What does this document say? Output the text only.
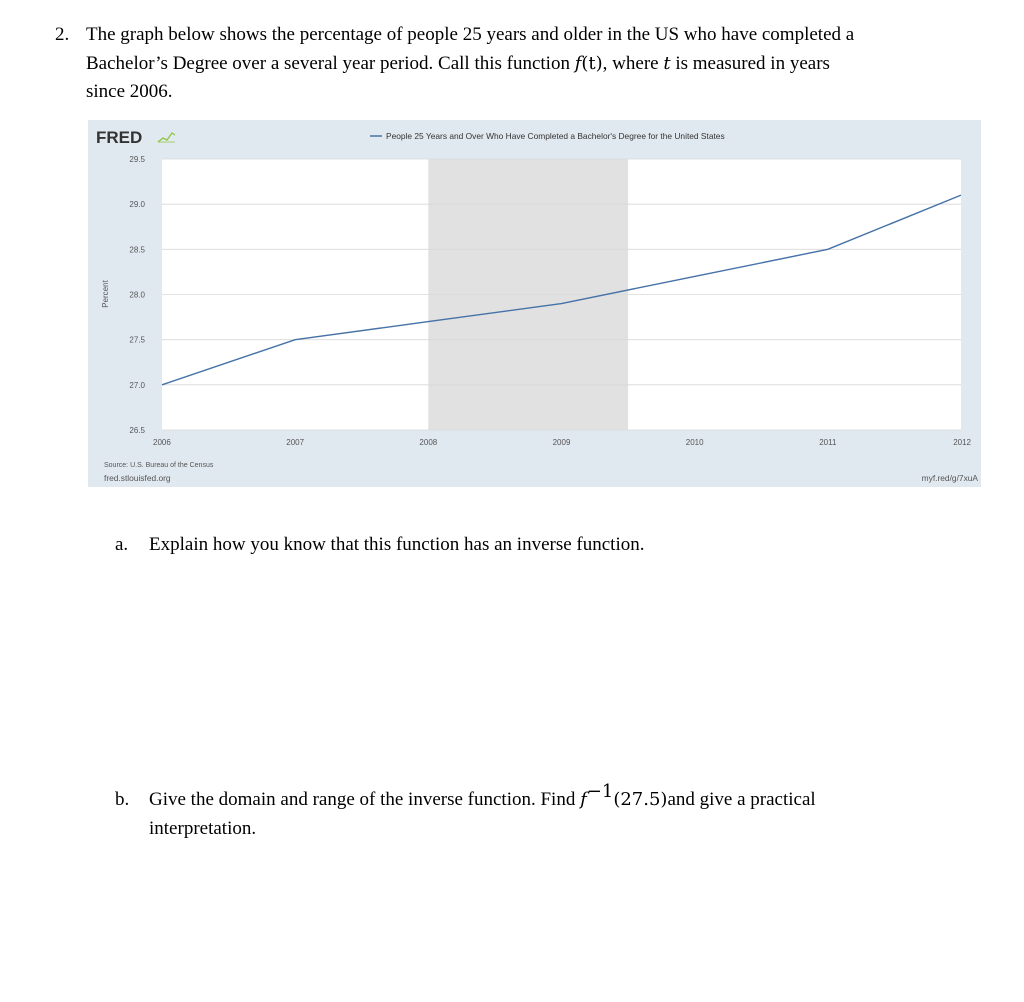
2. The graph below shows the percentage of people 25 years and older in the US who have completed a
Bachelor’s Degree over a several year period. Call this function f(t), where t is measured in years
since 2006.
29.5
29.0
28.5
28.0
27.5
27.0
26.5
2006	2007	2008	2009	2010	2011	2012
FRED	People 25 Years and Over Who Have Completed a Bachelor's Degree for the United States
Percent
Source: U.S. Bureau of the Census
fred.stlouisfed.org	myf.red/g/7xuA
a. Explain how you know that this function has an inverse function.
b. Give the domain and range of the inverse function. Find $f^{-1}(27.5)and$ give a practical
interpretation.
